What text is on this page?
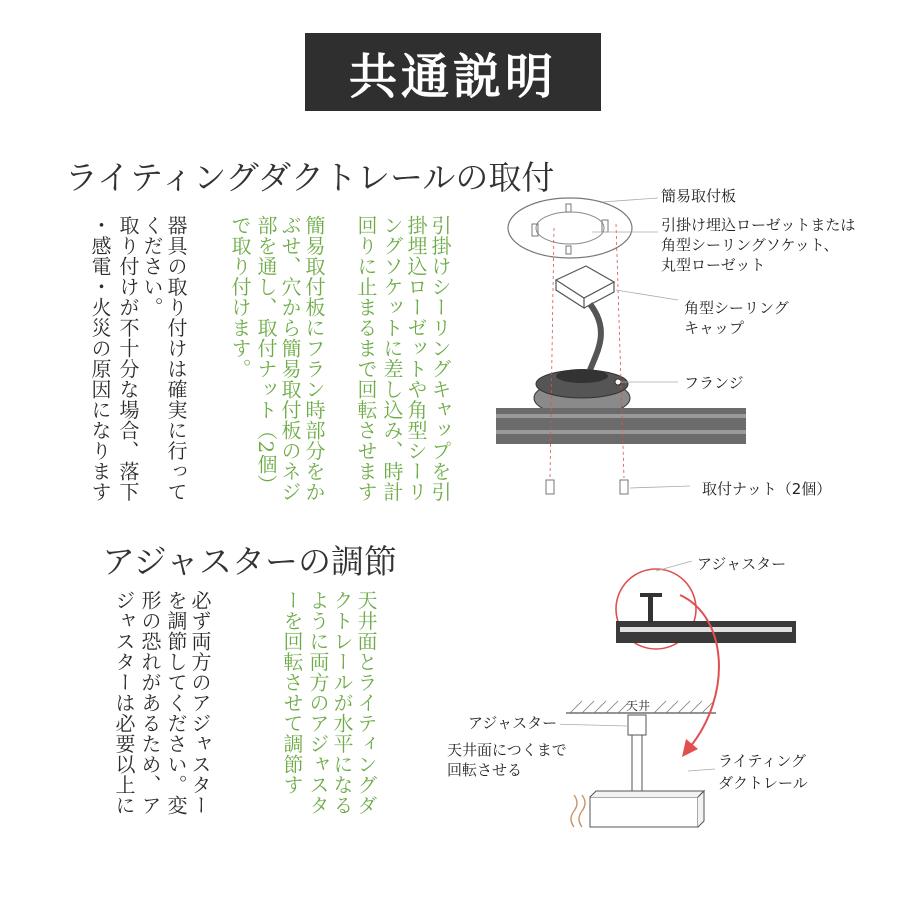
共通説明
ライティングダクトレールの取付
器具の取り付けは確実に行って
ください。
取り付けが不十分な場合、落下
・感電・火災の原因になります	引掛けシーリングキャップを引
掛埋込ローゼットや角型シーリ
ングソケットに差し込み、時計
回りに止まるまで回転させます
簡易取付板にフラン時部分をか
ぶせ、穴から簡易取付板のネジ
部を通し、取付ナット（2個）
で取り付けます。
簡易取付板
引掛け埋込ローゼットまたは
角型シーリングソケット、
丸型ローゼット
角型シーリング
キャップ
フランジ
取付ナット（2個）
アジャスターの調節
必ず両方のアジャスター
を調節してください。変
形の恐れがあるため、ア
ジャスターは必要以上に	天井面とライティングダ
クトレールが水平になる
ように両方のアジャスタ
ーを回転させて調節す
アジャスター
天井
アジャスター
天井面につくまで
回転させる	ライティング
ダクトレール
